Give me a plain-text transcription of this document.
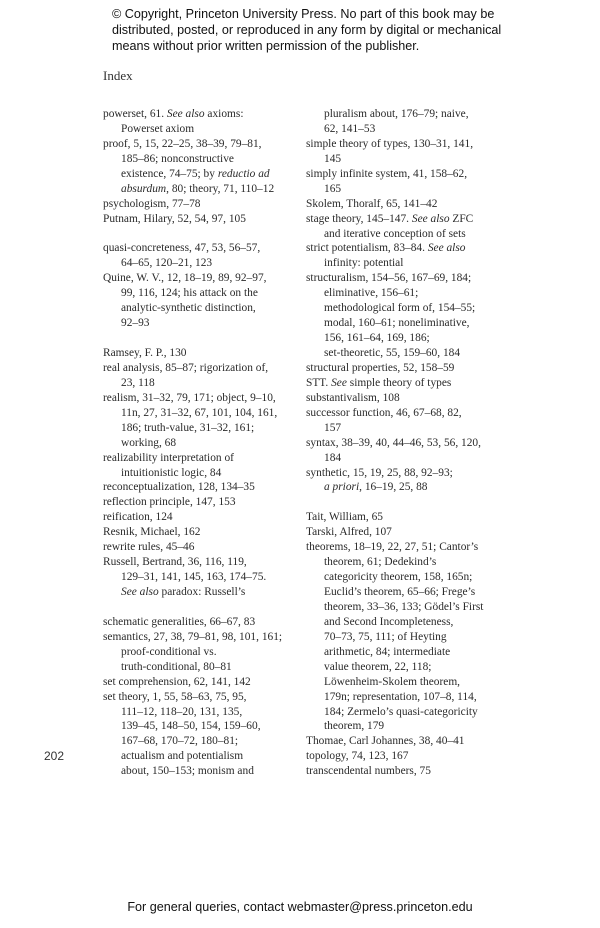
© Copyright, Princeton University Press. No part of this book may be
distributed, posted, or reproduced in any form by digital or mechanical
means without prior written permission of the publisher.
Index
powerset, 61. See also axioms:
Powerset axiom
proof, 5, 15, 22–25, 38–39, 79–81,
185–86; nonconstructive
existence, 74–75; by reductio ad
absurdum, 80; theory, 71, 110–12
psychologism, 77–78
Putnam, Hilary, 52, 54, 97, 105
quasi-concreteness, 47, 53, 56–57,
64–65, 120–21, 123
Quine, W. V., 12, 18–19, 89, 92–97,
99, 116, 124; his attack on the
analytic-synthetic distinction,
92–93
Ramsey, F. P., 130
real analysis, 85–87; rigorization of,
23, 118
realism, 31–32, 79, 171; object, 9–10,
11n, 27, 31–32, 67, 101, 104, 161,
186; truth-value, 31–32, 161;
working, 68
realizability interpretation of
intuitionistic logic, 84
reconceptualization, 128, 134–35
reflection principle, 147, 153
reification, 124
Resnik, Michael, 162
rewrite rules, 45–46
Russell, Bertrand, 36, 116, 119,
129–31, 141, 145, 163, 174–75.
See also paradox: Russell’s
schematic generalities, 66–67, 83
semantics, 27, 38, 79–81, 98, 101, 161;
proof-conditional vs.
truth-conditional, 80–81
set comprehension, 62, 141, 142
set theory, 1, 55, 58–63, 75, 95,
111–12, 118–20, 131, 135,
139–45, 148–50, 154, 159–60,
167–68, 170–72, 180–81;
actualism and potentialism
about, 150–153; monism and
pluralism about, 176–79; naive,
62, 141–53
simple theory of types, 130–31, 141,
145
simply infinite system, 41, 158–62,
165
Skolem, Thoralf, 65, 141–42
stage theory, 145–147. See also ZFC
and iterative conception of sets
strict potentialism, 83–84. See also
infinity: potential
structuralism, 154–56, 167–69, 184;
eliminative, 156–61;
methodological form of, 154–55;
modal, 160–61; noneliminative,
156, 161–64, 169, 186;
set-theoretic, 55, 159–60, 184
structural properties, 52, 158–59
STT. See simple theory of types
substantivalism, 108
successor function, 46, 67–68, 82,
157
syntax, 38–39, 40, 44–46, 53, 56, 120,
184
synthetic, 15, 19, 25, 88, 92–93;
a priori, 16–19, 25, 88
Tait, William, 65
Tarski, Alfred, 107
theorems, 18–19, 22, 27, 51; Cantor’s
theorem, 61; Dedekind’s
categoricity theorem, 158, 165n;
Euclid’s theorem, 65–66; Frege’s
theorem, 33–36, 133; Gödel’s First
and Second Incompleteness,
70–73, 75, 111; of Heyting
arithmetic, 84; intermediate
value theorem, 22, 118;
Löwenheim-Skolem theorem,
179n; representation, 107–8, 114,
184; Zermelo’s quasi-categoricity
theorem, 179
Thomae, Carl Johannes, 38, 40–41
topology, 74, 123, 167
transcendental numbers, 75
202
For general queries, contact webmaster@press.princeton.edu
